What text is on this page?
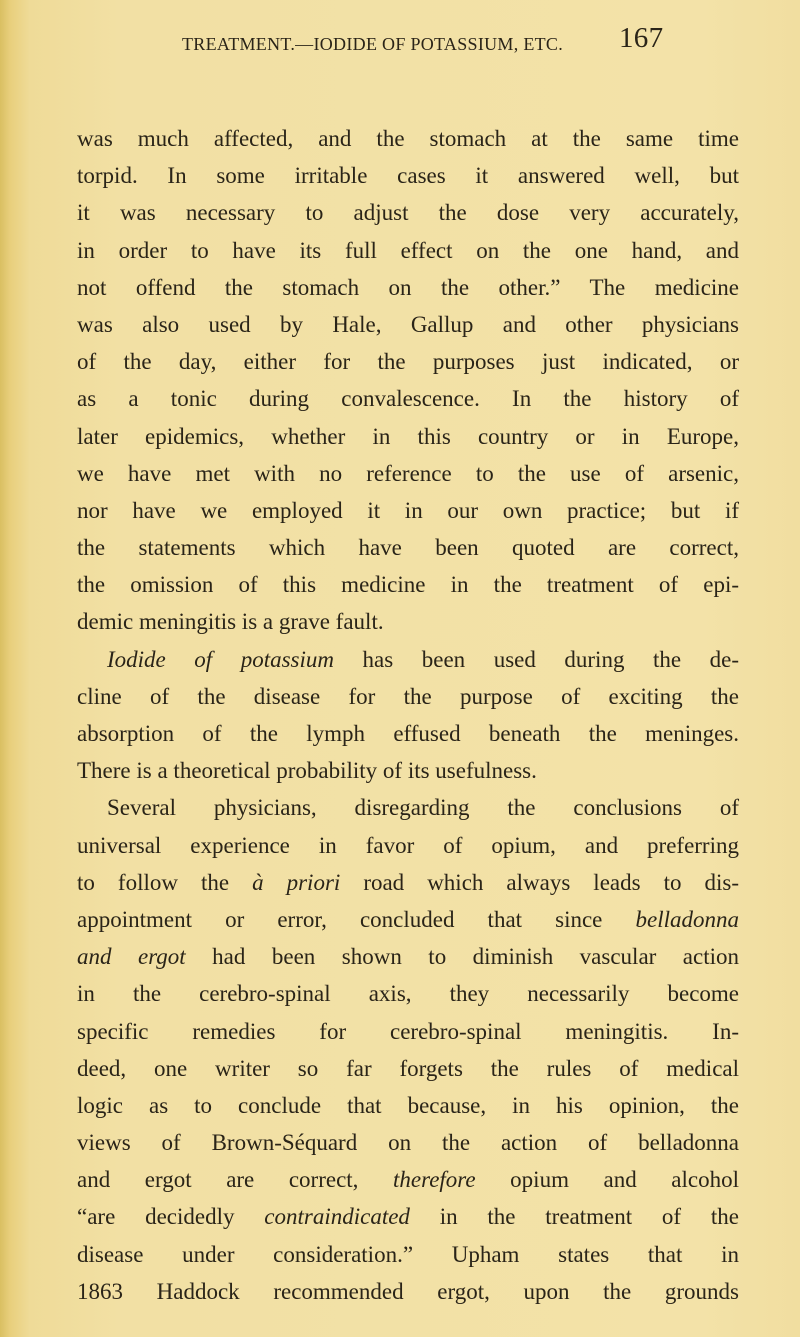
TREATMENT.—IODIDE OF POTASSIUM, ETC. 167
was much affected, and the stomach at the same time
torpid. In some irritable cases it answered well, but
it was necessary to adjust the dose very accurately,
in order to have its full effect on the one hand, and
not offend the stomach on the other.” The medicine
was also used by Hale, Gallup and other physicians
of the day, either for the purposes just indicated, or
as a tonic during convalescence. In the history of
later epidemics, whether in this country or in Europe,
we have met with no reference to the use of arsenic,
nor have we employed it in our own practice; but if
the statements which have been quoted are correct,
the omission of this medicine in the treatment of epi-
demic meningitis is a grave fault.
Iodide of potassium has been used during the de-
cline of the disease for the purpose of exciting the
absorption of the lymph effused beneath the meninges.
There is a theoretical probability of its usefulness.
Several physicians, disregarding the conclusions of
universal experience in favor of opium, and preferring
to follow the à priori road which always leads to dis-
appointment or error, concluded that since belladonna
and ergot had been shown to diminish vascular action
in the cerebro-spinal axis, they necessarily become
specific remedies for cerebro-spinal meningitis. In-
deed, one writer so far forgets the rules of medical
logic as to conclude that because, in his opinion, the
views of Brown-Séquard on the action of belladonna
and ergot are correct, therefore opium and alcohol
“are decidedly contraindicated in the treatment of the
disease under consideration.” Upham states that in
1863 Haddock recommended ergot, upon the grounds
